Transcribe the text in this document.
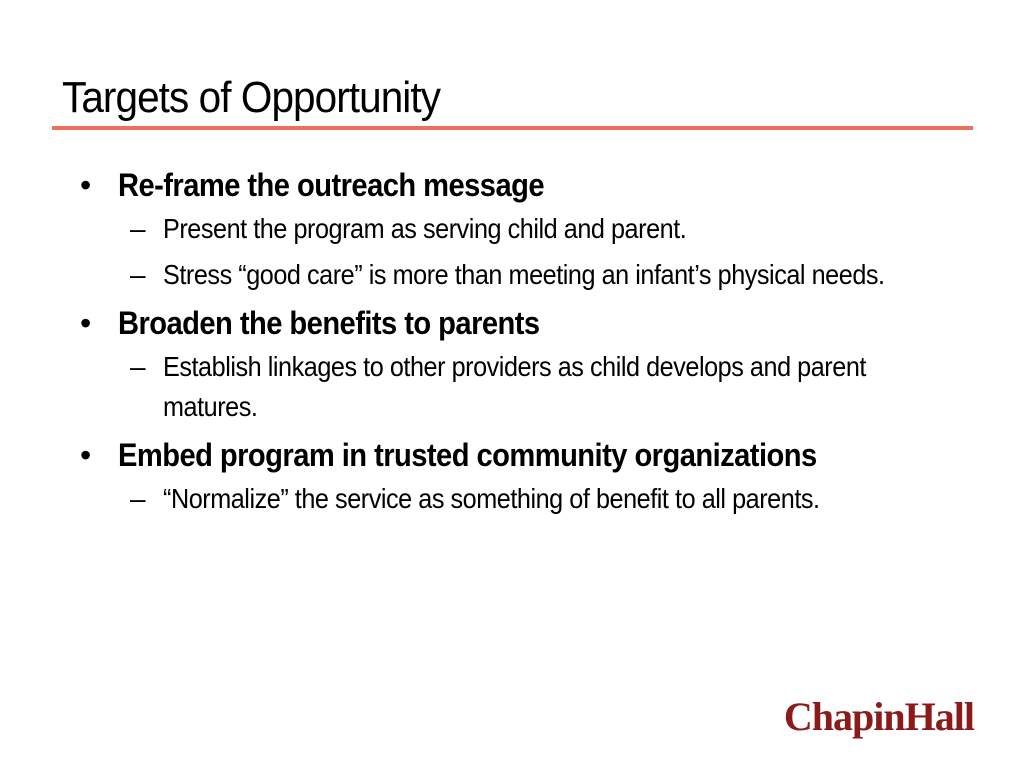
Targets of Opportunity
• Re-frame the outreach message
– Present the program as serving child and parent.
– Stress “good care” is more than meeting an infant’s physical needs.
• Broaden the benefits to parents
– Establish linkages to other providers as child develops and parent matures.
• Embed program in trusted community organizations
– “Normalize” the service as something of benefit to all parents.
ChapinHall
